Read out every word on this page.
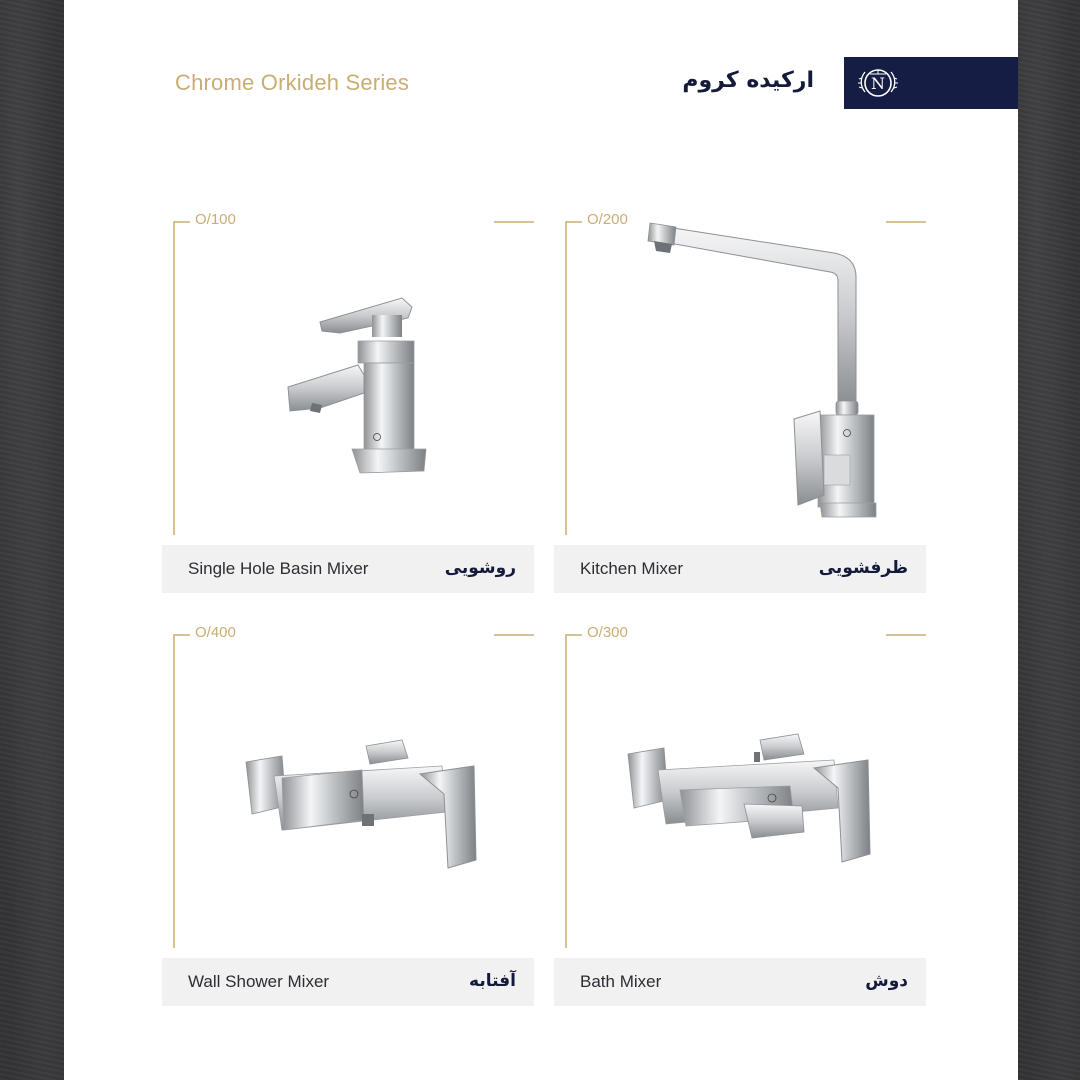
Chrome Orkideh Series	ارکیده کروم	N
O/100
Single Hole Basin Mixer	روشویی
O/200
Kitchen Mixer	ظرفشویی
O/400
Wall Shower Mixer	آفتابه
O/300
Bath Mixer	دوش
